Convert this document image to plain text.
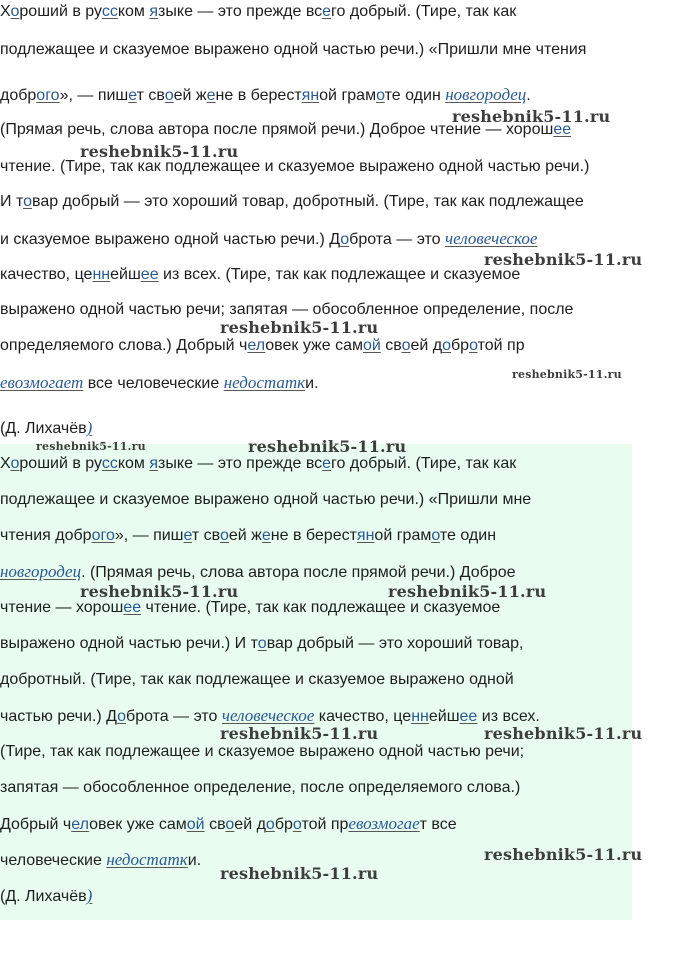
Хороший в русском языке — это прежде всего добрый. (Тире, так как
подлежащее и сказуемое выражено одной частью речи.) «Пришли мне чтения
доброго», — пишет своей жене в берестяной грамоте один новгородец.
(Прямая речь, слова автора после прямой речи.) Доброе чтение — хорошее
чтение. (Тире, так как подлежащее и сказуемое выражено одной частью речи.)
И товар добрый — это хороший товар, добротный. (Тире, так как подлежащее
и сказуемое выражено одной частью речи.) Доброта — это человеческое
качество, ценнейшее из всех. (Тире, так как подлежащее и сказуемое
выражено одной частью речи; запятая — обособленное определение, после
определяемого слова.) Добрый человек уже самой своей добротой пр
евозмогает все человеческие недостатки.
(Д. Лихачёв)
Хороший в русском языке — это прежде всего добрый. (Тире, так как
подлежащее и сказуемое выражено одной частью речи.) «Пришли мне
чтения доброго», — пишет своей жене в берестяной грамоте один
новгородец. (Прямая речь, слова автора после прямой речи.) Доброе
чтение — хорошее чтение. (Тире, так как подлежащее и сказуемое
выражено одной частью речи.) И товар добрый — это хороший товар,
добротный. (Тире, так как подлежащее и сказуемое выражено одной
частью речи.) Доброта — это человеческое качество, ценнейшее из всех.
(Тире, так как подлежащее и сказуемое выражено одной частью речи;
запятая — обособленное определение, после определяемого слова.)
Добрый человек уже самой своей добротой превозмогает все
человеческие недостатки.
(Д. Лихачёв)
reshebnik5-11.ru
reshebnik5-11.ru
reshebnik5-11.ru
reshebnik5-11.ru
reshebnik5-11.ru
reshebnik5-11.ru	reshebnik5-11.ru
reshebnik5-11.ru	reshebnik5-11.ru
reshebnik5-11.ru	reshebnik5-11.ru
reshebnik5-11.ru
reshebnik5-11.ru
